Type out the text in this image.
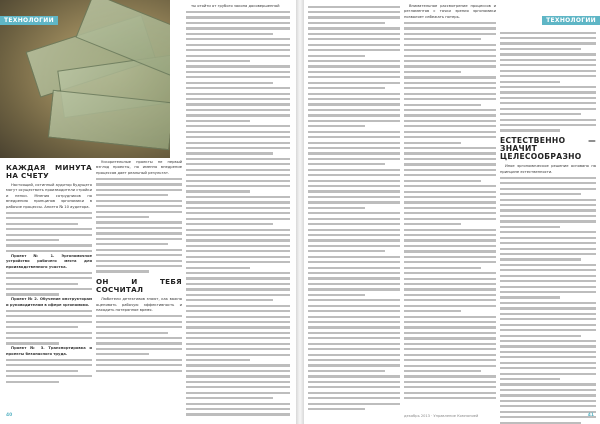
ТЕХНОЛОГИИ
КАЖДАЯ МИНУТА НА СЧЕТУ

Настоящий, истинный аудитор будущего могут осуществить производители стройки и пенки. Мнения сотрудников по внедрению принципов эргономики в рабочие процессы. Анкета № 10 аудитора.

Проект № 1. Эргономичное устройство рабочего места для производственного участка.

Проект № 2. Обучение инструкторам и руководителям в сфере эргономики.

Проект № 3. Транспортировка и проекты безопасного труда.

Ускорительные проекты не первый взгляд проекты, но именно внедрение процессов дает реальный результат.

ОН И ТЕБЯ СОСЧИТАЛ

Любители детективов знают, как важно оценивать рабочую эффективность и находить потерянное время.

ты отойти от грубого закона досовершенной

40
ТЕХНОЛОГИИ

Внимательное рассмотрение процессов и регламентов с точки зрения эргономики позволяет избежать потерь.

ЕСТЕСТВЕННО — ЗНАЧИТ ЦЕЛЕСООБРАЗНО

Иное эргономическое решение основано на принципе естественности.

декабрь 2013 · Управление Компанией	41
